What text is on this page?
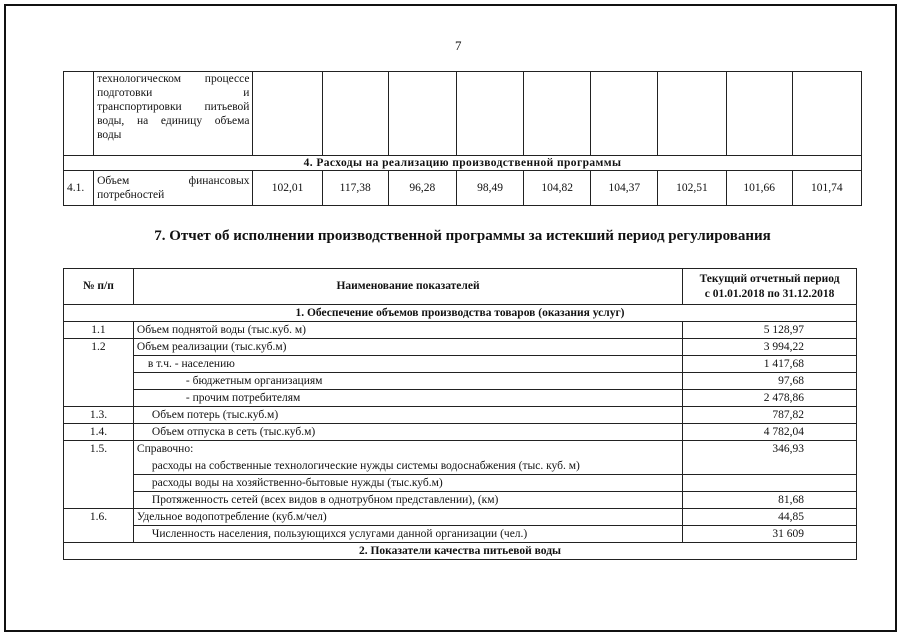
7

	технологическом процессе
подготовки и
транспортировки питьевой
воды, на единицу объема
воды									

4. Расходы на реализацию производственной программы										
4.1.	Объем финансовых
потребностей	102,01	117,38	96,28	98,49	104,82	104,37	102,51	101,66	101,74
7. Отчет об исполнении производственной программы за истекший период регулирования
№ п/п	Наименование показателей	Текущий отчетный период
с 01.01.2018 по 31.12.2018

1. Обеспечение объемов производства товаров (оказания услуг)		
1.1	Объем поднятой воды (тыс.куб. м)	5 128,97
1.2	Объем реализации (тыс.куб.м)	3 994,22
	в т.ч. - населению	1 417,68
	- бюджетным организациям	97,68
	- прочим потребителям	2 478,86
1.3.	Объем потерь (тыс.куб.м)	787,82
1.4.	Объем отпуска в сеть (тыс.куб.м)	4 782,04
1.5.	Справочно:	346,93
	расходы на собственные технологические нужды системы водоснабжения (тыс. куб. м)	
	расходы воды на хозяйственно-бытовые нужды (тыс.куб.м)	
	Протяженность сетей (всех видов в однотрубном представлении), (км)	81,68
1.6.	Удельное водопотребление (куб.м/чел)	44,85
	Численность населения, пользующихся услугами данной организации (чел.)	31 609
2. Показатели качества питьевой воды		
